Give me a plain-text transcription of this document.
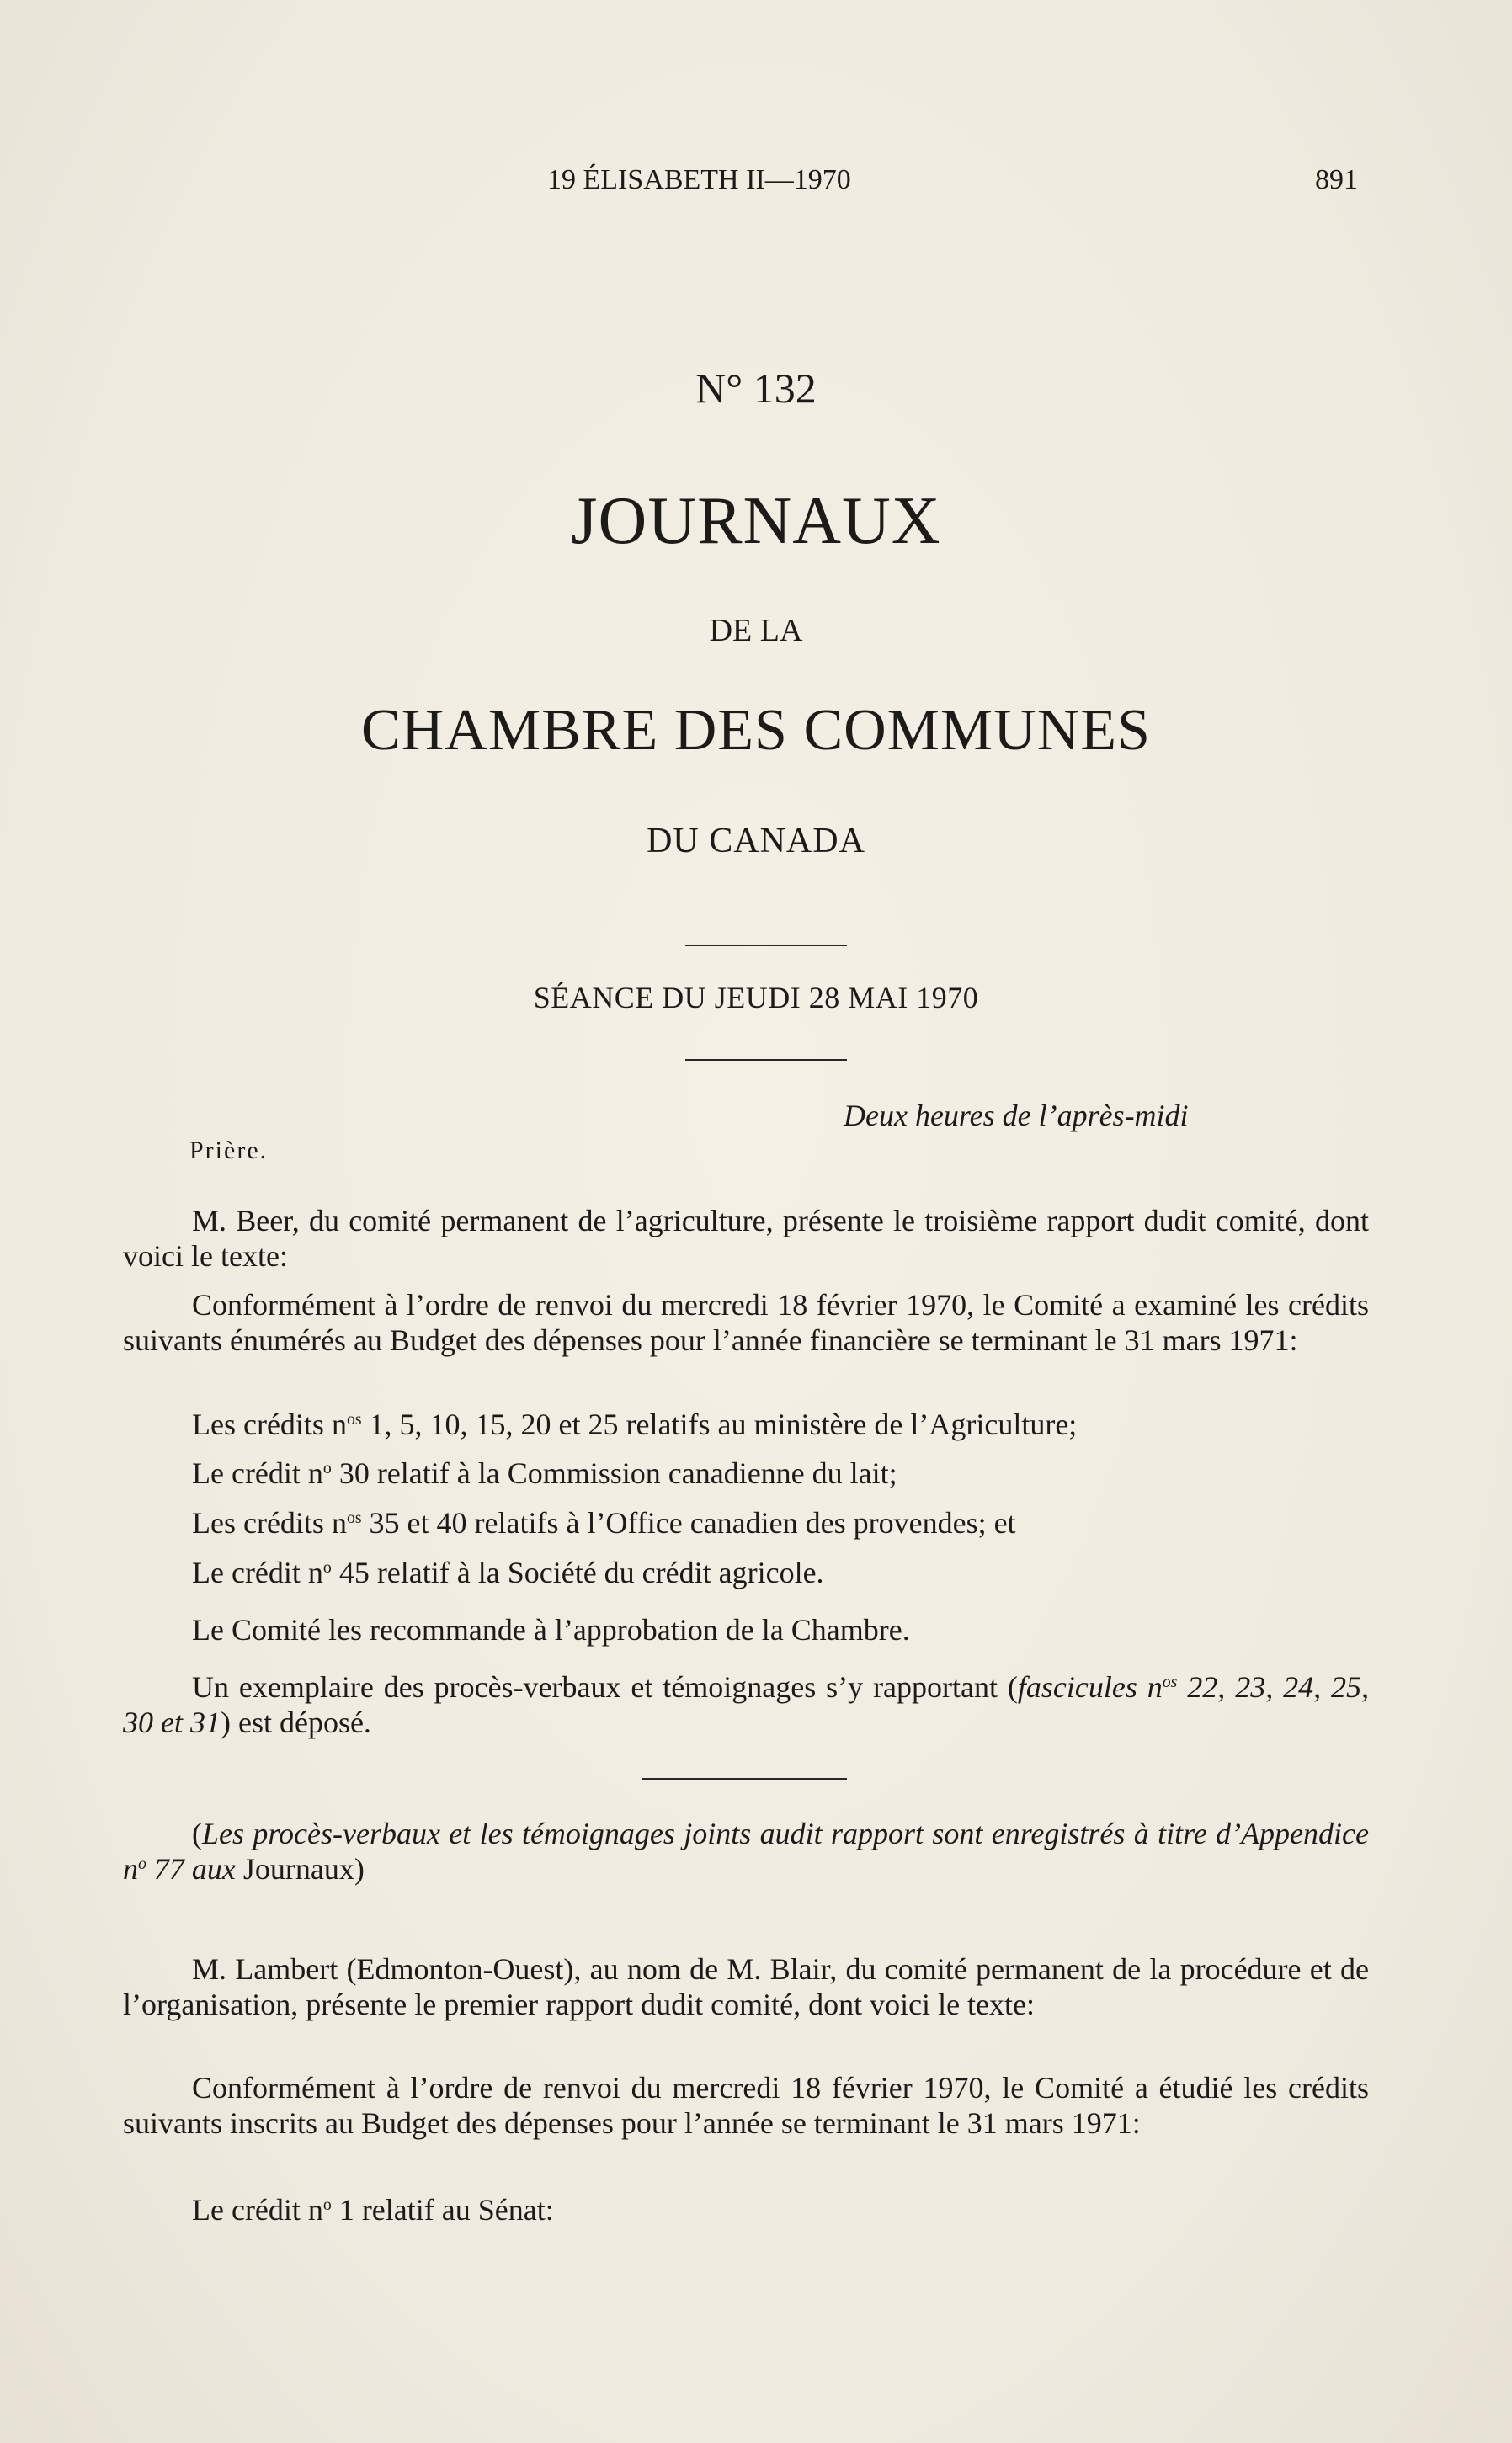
19 ÉLISABETH II—1970	891
N° 132
JOURNAUX
DE LA
CHAMBRE DES COMMUNES
DU CANADA
SÉANCE DU JEUDI 28 MAI 1970
Deux heures de l’après-midi
Prière.

M. Beer, du comité permanent de l’agriculture, présente le troisième rapport dudit comité, dont voici le texte:

Conformément à l’ordre de renvoi du mercredi 18 février 1970, le Comité a examiné les crédits suivants énumérés au Budget des dépenses pour l’année financière se terminant le 31 mars 1971:

Les crédits $n^{os}$ 1, 5, 10, 15, 20 et 25 relatifs au ministère de l’Agriculture;
Le crédit $n^o$ 30 relatif à la Commission canadienne du lait;
Les crédits $n^{os}$ 35 et 40 relatifs à l’Office canadien des provendes; et
Le crédit $n^o$ 45 relatif à la Société du crédit agricole.
Le Comité les recommande à l’approbation de la Chambre.

Un exemplaire des procès-verbaux et témoignages s’y rapportant (fascicules $n^{os}$ 22, 23, 24, 25, 30 et 31) est déposé.

(Les procès-verbaux et les témoignages joints audit rapport sont enregistrés à titre d’Appendice $n^o$ 77 aux Journaux)

M. Lambert (Edmonton-Ouest), au nom de M. Blair, du comité permanent de la procédure et de l’organisation, présente le premier rapport dudit comité, dont voici le texte:

Conformément à l’ordre de renvoi du mercredi 18 février 1970, le Comité a étudié les crédits suivants inscrits au Budget des dépenses pour l’année se terminant le 31 mars 1971:

Le crédit $n^o$ 1 relatif au Sénat:
